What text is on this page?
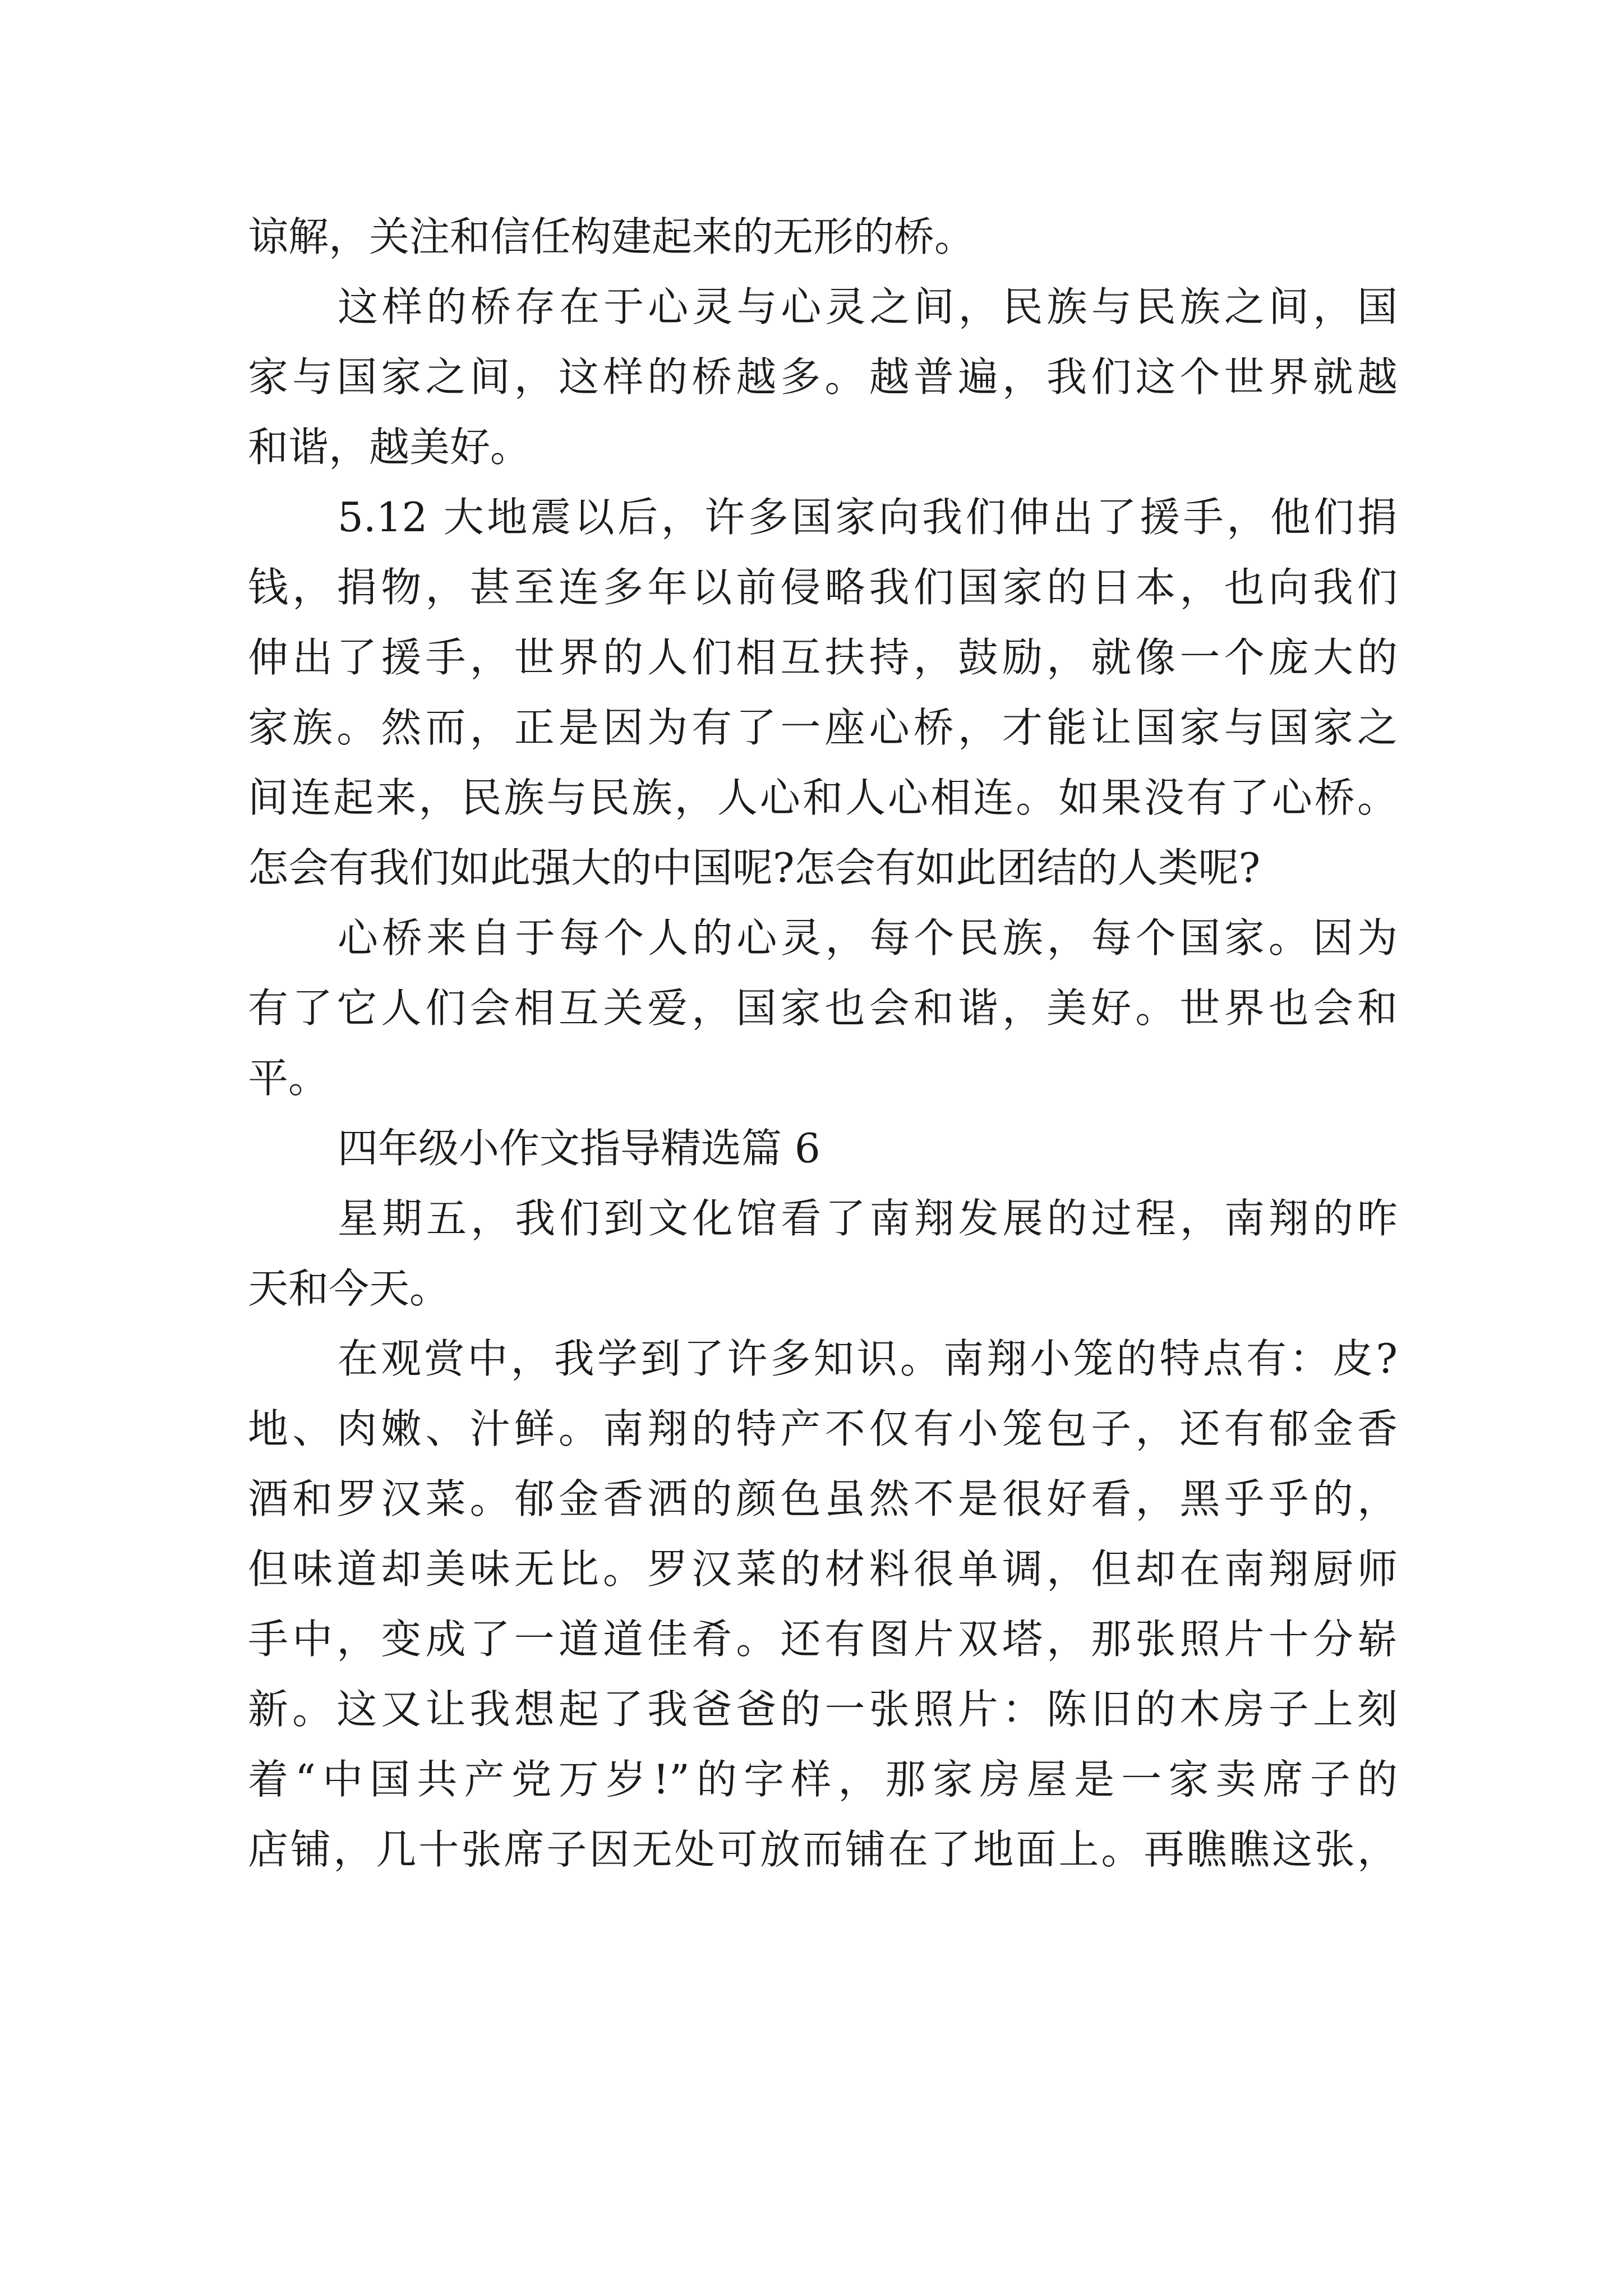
谅解，关注和信任构建起来的无形的桥。
这样的桥存在于心灵与心灵之间，民族与民族之间，国
家与国家之间，这样的桥越多。越普遍，我们这个世界就越
和谐，越美好。
5.12 大地震以后，许多国家向我们伸出了援手，他们捐
钱，捐物，甚至连多年以前侵略我们国家的日本，也向我们
伸出了援手，世界的人们相互扶持，鼓励，就像一个庞大的
家族。然而，正是因为有了一座心桥，才能让国家与国家之
间连起来，民族与民族，人心和人心相连。如果没有了心桥。
怎会有我们如此强大的中国呢?怎会有如此团结的人类呢?
心桥来自于每个人的心灵，每个民族，每个国家。因为
有了它人们会相互关爱，国家也会和谐，美好。世界也会和
平。
四年级小作文指导精选篇 6
星期五，我们到文化馆看了南翔发展的过程，南翔的昨
天和今天。
在观赏中，我学到了许多知识。南翔小笼的特点有：皮?
地、肉嫩、汁鲜。南翔的特产不仅有小笼包子，还有郁金香
酒和罗汉菜。郁金香洒的颜色虽然不是很好看，黑乎乎的，
但味道却美味无比。罗汉菜的材料很单调，但却在南翔厨师
手中，变成了一道道佳肴。还有图片双塔，那张照片十分崭
新。这又让我想起了我爸爸的一张照片：陈旧的木房子上刻
着“中国共产党万岁!”的字样，那家房屋是一家卖席子的
店铺，几十张席子因无处可放而铺在了地面上。再瞧瞧这张，
